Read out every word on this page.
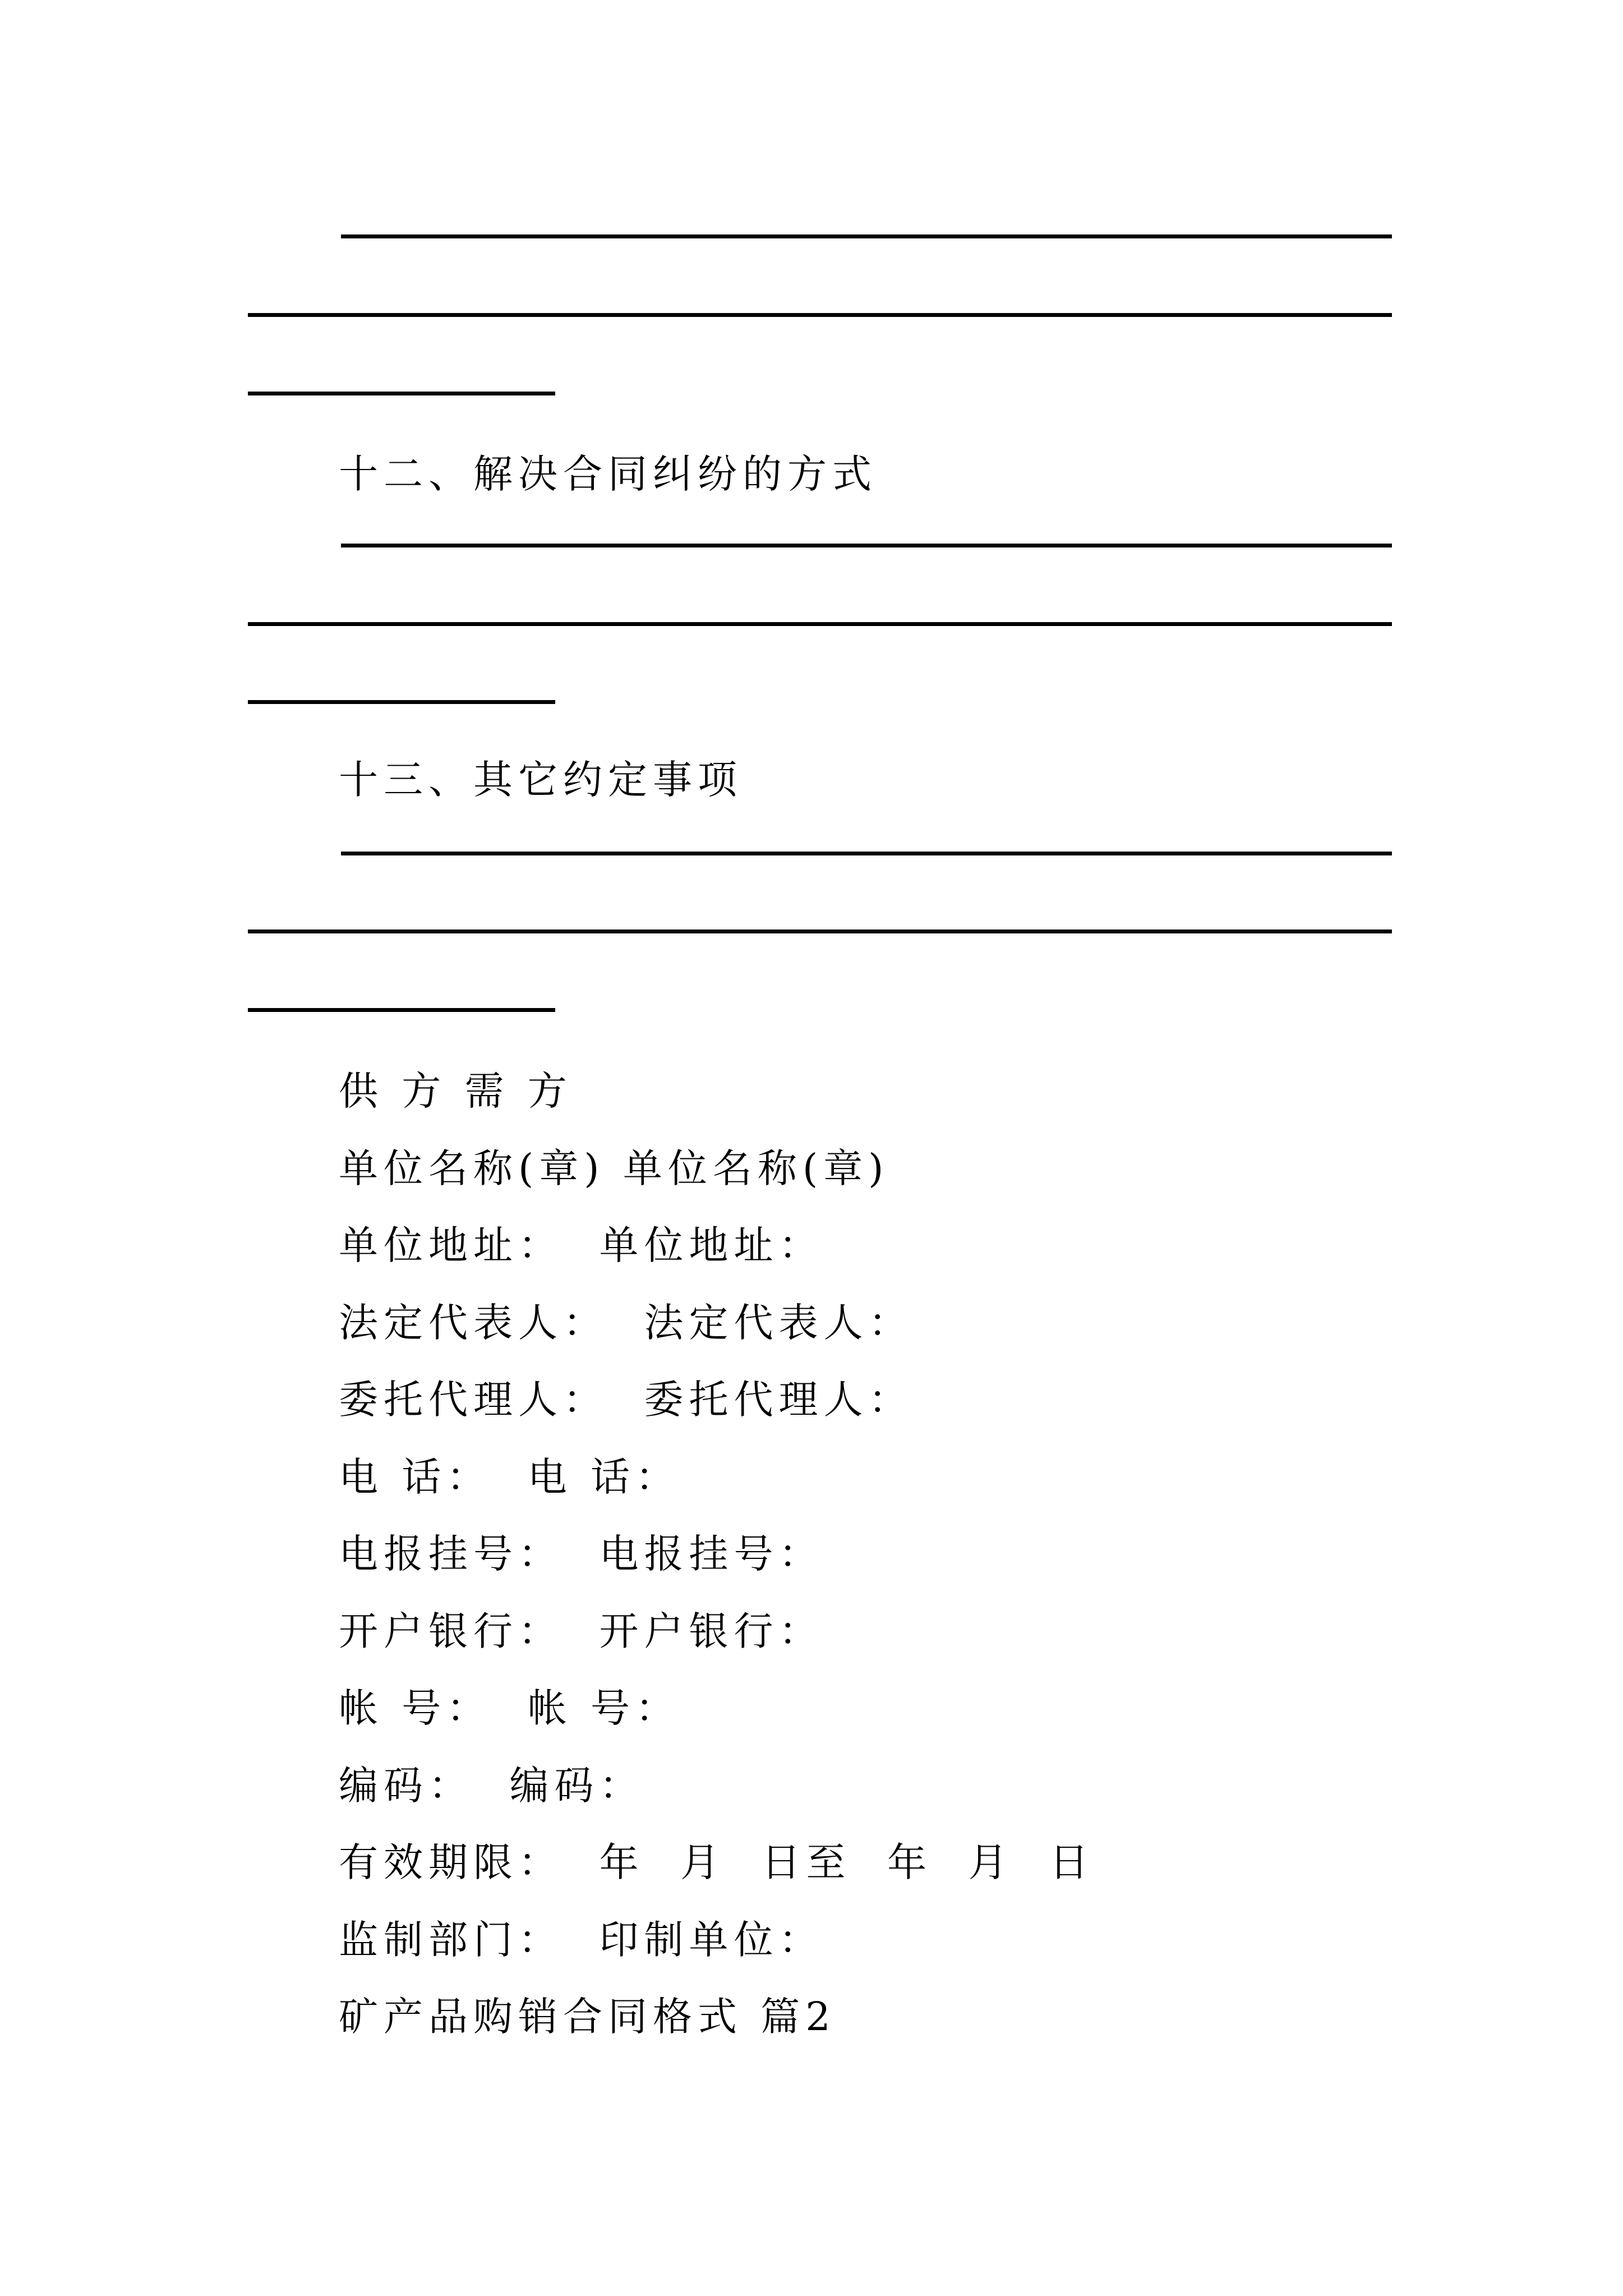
十二、解决合同纠纷的方式
十三、其它约定事项
供 方 需 方
单位名称(章) 单位名称(章)
单位地址：  单位地址：
法定代表人：  法定代表人：
委托代理人：  委托代理人：
电 话：  电 话：
电报挂号：  电报挂号：
开户银行：  开户银行：
帐 号：  帐 号：
编码：  编码：
有效期限：  年  月  日至  年  月  日
监制部门：  印制单位：
矿产品购销合同格式 篇2
